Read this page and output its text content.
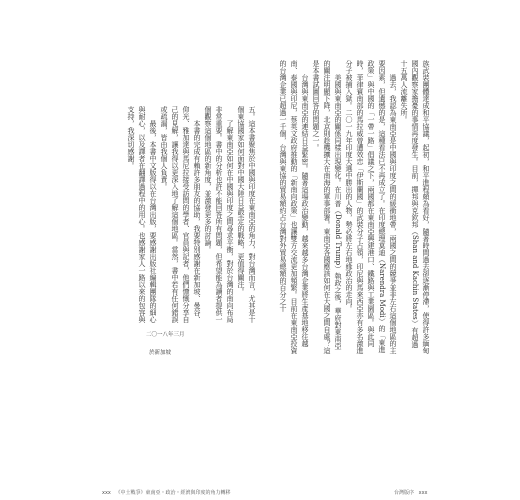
五。這本書聚焦於中國與印度在東南亞的角力，對台灣而言，尤其是十個東協國家如何面對中國大陸日益堅定的戰略，更值得關注。

了解東南亞如何在中國與印度之間尋求平衡，對於台灣的南向布局非常重要。書中的分析也許不能回答所有問題，但希望能為讀者提供一個觀察這個地區的新角度，並激發更多的討論。

本書的完成有賴許多朋友的協助，我要特別感謝在新加坡、曼谷、仰光、雅加達與馬尼拉接受訪問的學者、官員與記者，他們慷慨分享自己的見解，讓我得以更深入地了解這個地區。當然，書中若有任何錯誤或疏漏，皆由我個人負責。

最後，本書中文版得以在台灣出版，要感謝出版社編輯團隊的細心與耐心，以及譯者在翻譯過程中的用心。也感謝家人一路以來的包容與支持，我深切感謝。

二〇一八年三月
於新加坡
xxx 《中土戰爭》東南亞・政治・經濟與印度的角力轉移

族武裝團體達成和平協議，起初，和平進程頗為看好，隨著時間過去卻逐漸停滯，使得許多緬甸國內觀察家擔憂的事情再度發生。目前，撣邦與克欽邦（Shan and Kachin States）有超過十五萬人流離失所。

過去，我認為東南亞是中國與印度之間的緩衝地帶，兩國之間的競爭並非左右這個地區的主要因素，但遺憾的是，這種看法已不再成立了。在印度總理莫迪（Narendra Modi）的「東進政策」與中國的「一帶一路」倡議之下，兩國都在東南亞興建港口、鐵路與工業園區。與此同時，菲律賓南部的馬拉威曾遭效忠「伊斯蘭國」的武裝分子占領，印尼與馬來西亞亦有多名激進分子被捕入獄。二〇一九年印度大選中勝出的人物，勢必將左右地緣政治的走向。

美國與東南亞的關係同樣出現變化。在川普（Donald Trump）執政之後，華府對東南亞的關注明顯下降，北京則趁機擴大在南海的軍事部署。東南亞各國應該如何在大國之間自處？這是本書試圖回答的問題之一。

台灣與東南亞的連結日益緊密。隨著這場政治變動，越來越多台灣企業將生產基地移往越南、泰國與印尼，蔡英文政府推動的「新南向政策」也讓雙方交流更加頻繁。目前在東南亞投資的台灣企業已超過一千個，台灣與東協的貿易額約占台灣對外貿易總額的百分之十

台灣版序 xxx
